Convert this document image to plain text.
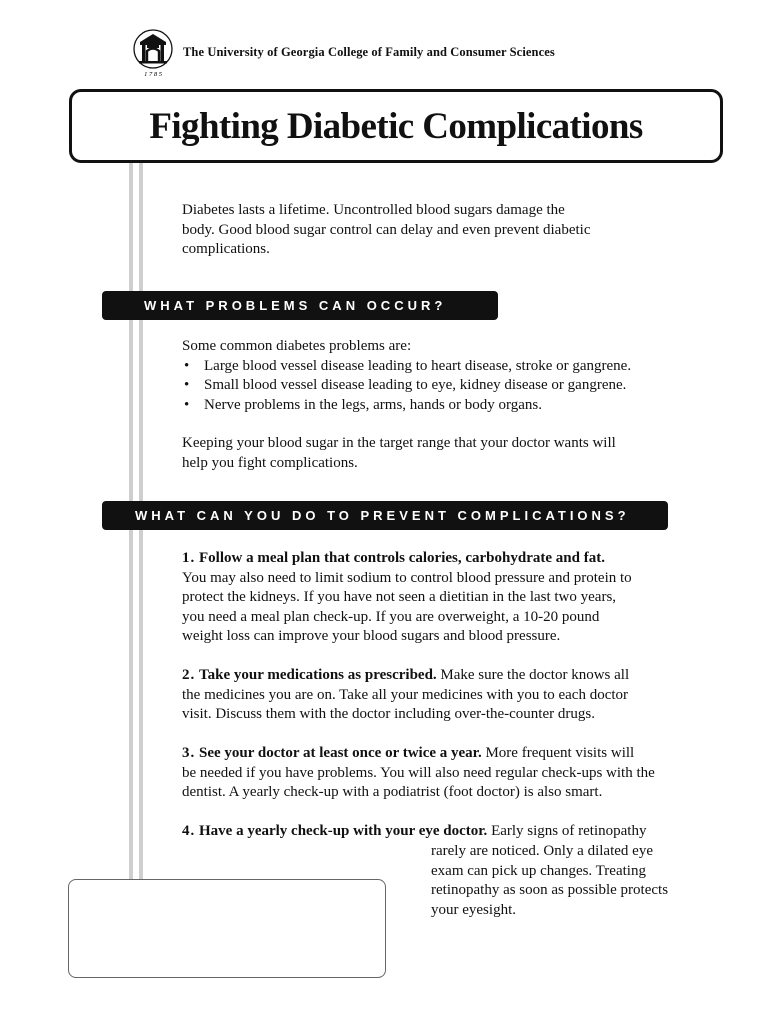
1 7 8 5
The University of Georgia College of Family and Consumer Sciences
Fighting Diabetic Complications
Diabetes lasts a lifetime. Uncontrolled blood sugars damage the
body. Good blood sugar control can delay and even prevent diabetic
complications.
WHAT PROBLEMS CAN OCCUR?
Some common diabetes problems are:
• Large blood vessel disease leading to heart disease, stroke or gangrene.
• Small blood vessel disease leading to eye, kidney disease or gangrene.
• Nerve problems in the legs, arms, hands or body organs.
Keeping your blood sugar in the target range that your doctor wants will
help you fight complications.
WHAT CAN YOU DO TO PREVENT COMPLICATIONS?
1. Follow a meal plan that controls calories, carbohydrate and fat.
You may also need to limit sodium to control blood pressure and protein to
protect the kidneys. If you have not seen a dietitian in the last two years,
you need a meal plan check-up. If you are overweight, a 10-20 pound
weight loss can improve your blood sugars and blood pressure.
2. Take your medications as prescribed. Make sure the doctor knows all
the medicines you are on. Take all your medicines with you to each doctor
visit. Discuss them with the doctor including over-the-counter drugs.
3. See your doctor at least once or twice a year. More frequent visits will
be needed if you have problems. You will also need regular check-ups with the
dentist. A yearly check-up with a podiatrist (foot doctor) is also smart.
4. Have a yearly check-up with your eye doctor. Early signs of retinopathy
rarely are noticed. Only a dilated eye
exam can pick up changes. Treating
retinopathy as soon as possible protects
your eyesight.
